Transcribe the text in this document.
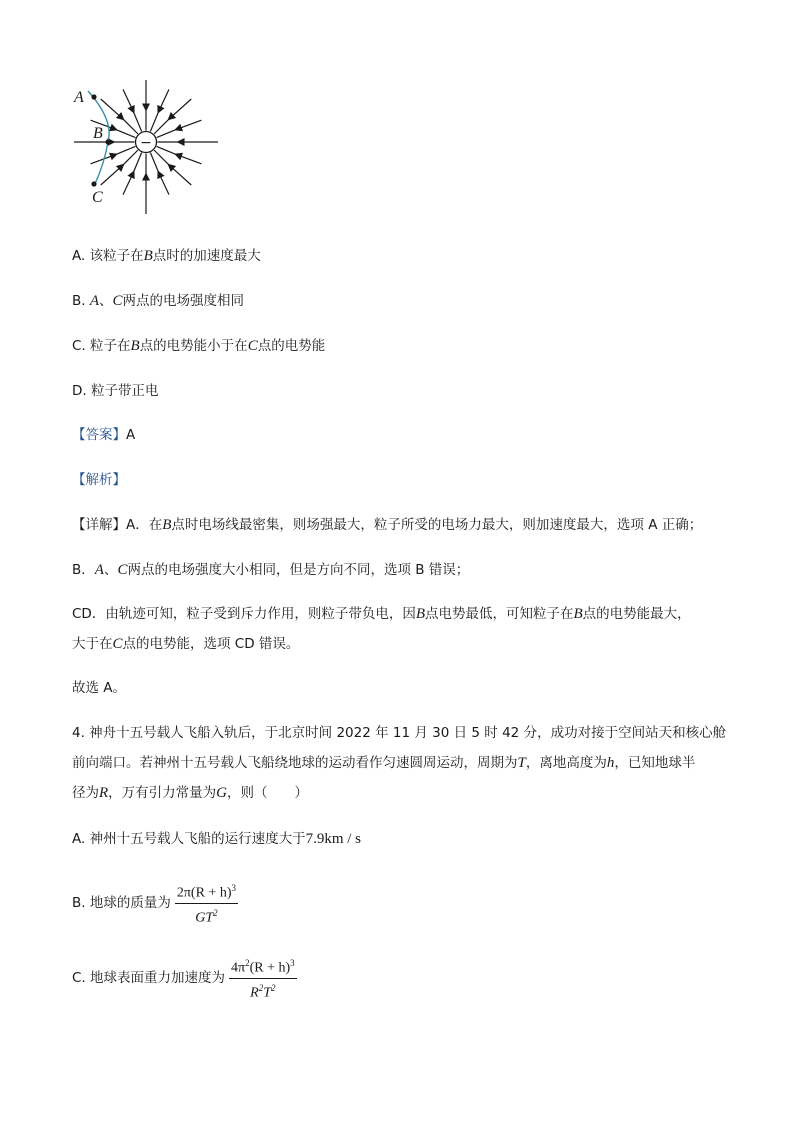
−
A
B
C
A. 该粒子在B点时的加速度最大
B. A、C两点的电场强度相同
C. 粒子在B点的电势能小于在C点的电势能
D. 粒子带正电
【答案】A
【解析】
【详解】A．在B点时电场线最密集，则场强最大，粒子所受的电场力最大，则加速度最大，选项 A 正确；
B．A、C两点的电场强度大小相同，但是方向不同，选项 B 错误；
CD．由轨迹可知，粒子受到斥力作用，则粒子带负电，因B点电势最低，可知粒子在B点的电势能最大，
大于在C点的电势能，选项 CD 错误。
故选 A。
4. 神舟十五号载人飞船入轨后，于北京时间 2022 年 11 月 30 日 5 时 42 分，成功对接于空间站天和核心舱
前向端口。若神州十五号载人飞船绕地球的运动看作匀速圆周运动，周期为T，离地高度为h，已知地球半
径为R，万有引力常量为G，则（　　）
A. 神州十五号载人飞船的运行速度大于7.9km / s
B. 地球的质量为 $\frac{2\pi(R + h)^3}{GT^2}$
C. 地球表面重力加速度为 $\frac{4\pi^2(R + h)^3}{R^2T^2}$
